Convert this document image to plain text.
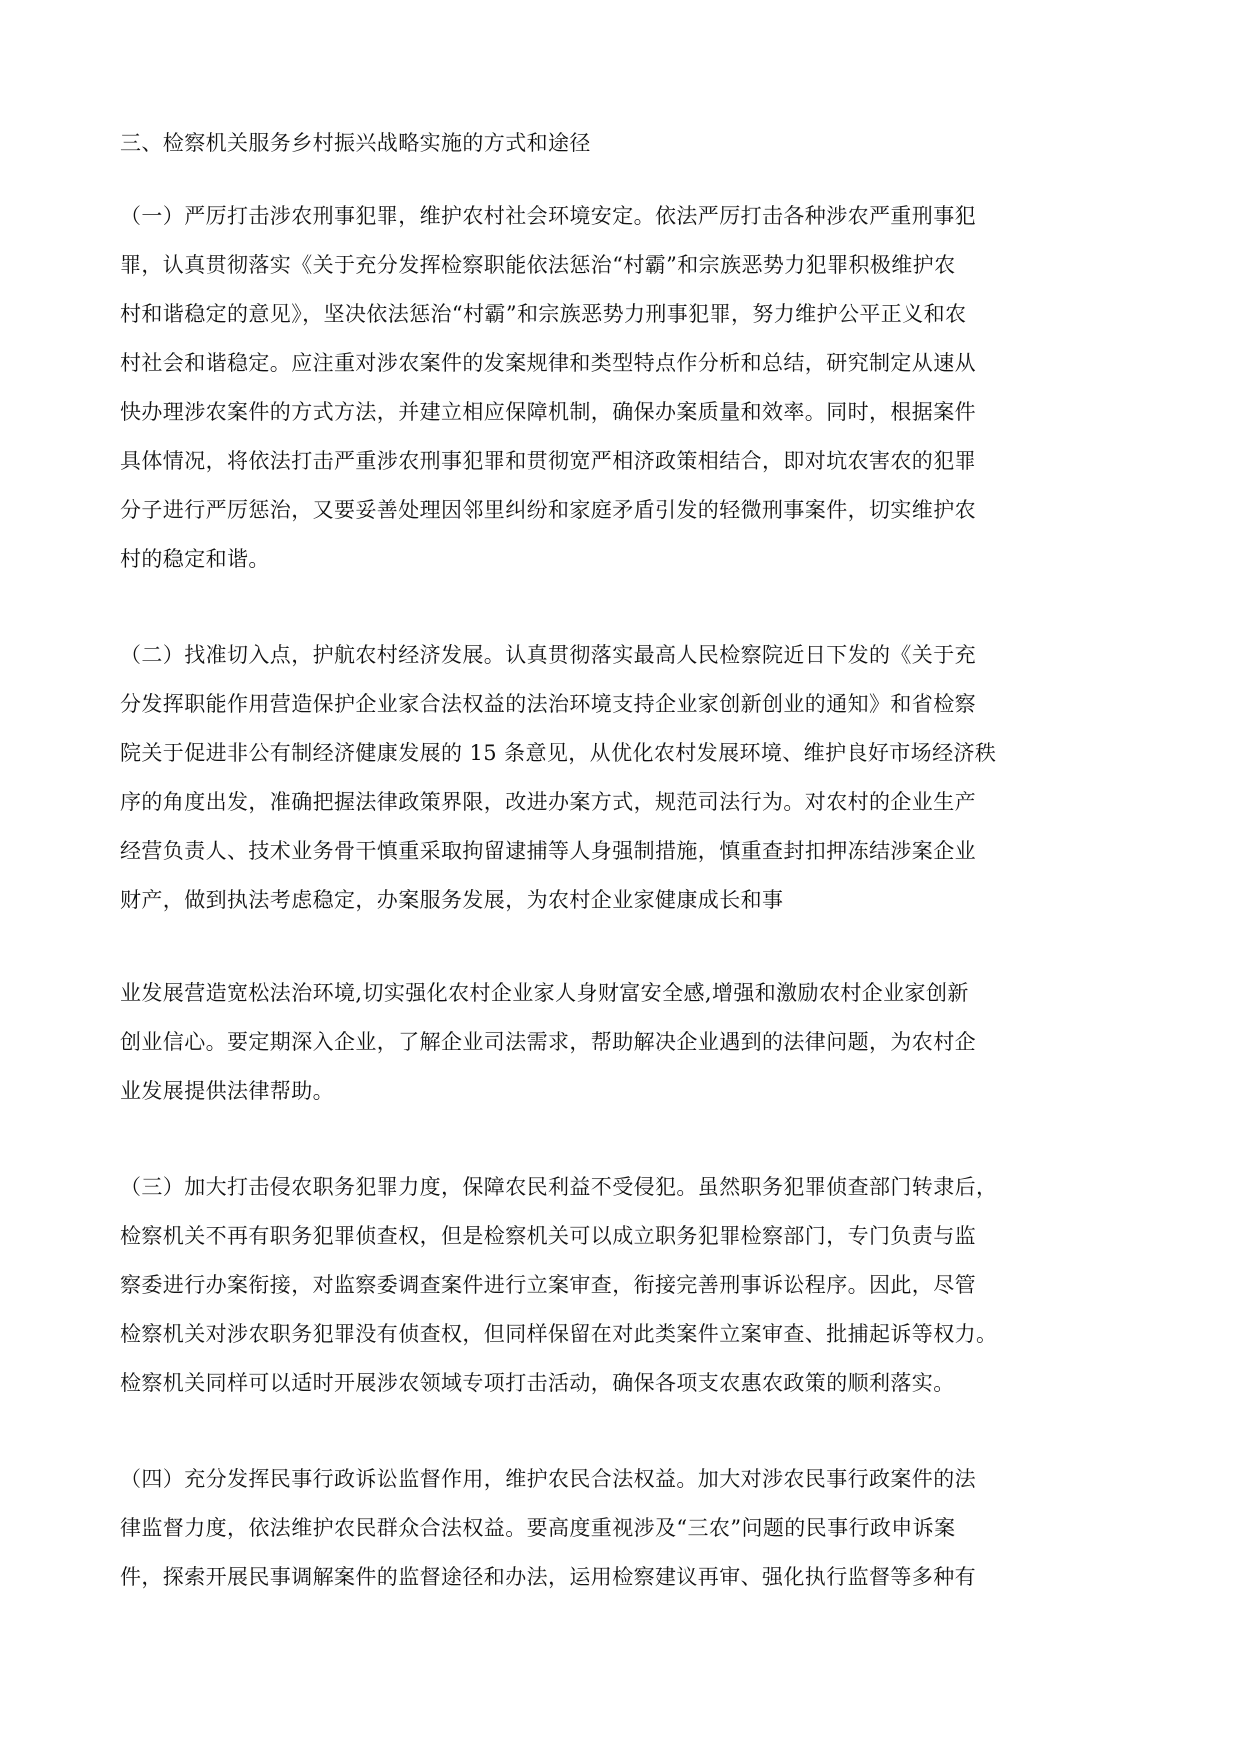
三、检察机关服务乡村振兴战略实施的方式和途径

（一）严厉打击涉农刑事犯罪，维护农村社会环境安定。依法严厉打击各种涉农严重刑事犯

罪，认真贯彻落实《关于充分发挥检察职能依法惩治“村霸”和宗族恶势力犯罪积极维护农

村和谐稳定的意见》，坚决依法惩治“村霸”和宗族恶势力刑事犯罪，努力维护公平正义和农

村社会和谐稳定。应注重对涉农案件的发案规律和类型特点作分析和总结，研究制定从速从

快办理涉农案件的方式方法，并建立相应保障机制，确保办案质量和效率。同时，根据案件

具体情况，将依法打击严重涉农刑事犯罪和贯彻宽严相济政策相结合，即对坑农害农的犯罪

分子进行严厉惩治，又要妥善处理因邻里纠纷和家庭矛盾引发的轻微刑事案件，切实维护农

村的稳定和谐。

（二）找准切入点，护航农村经济发展。认真贯彻落实最高人民检察院近日下发的《关于充

分发挥职能作用营造保护企业家合法权益的法治环境支持企业家创新创业的通知》和省检察

院关于促进非公有制经济健康发展的 15 条意见，从优化农村发展环境、维护良好市场经济秩

序的角度出发，准确把握法律政策界限，改进办案方式，规范司法行为。对农村的企业生产

经营负责人、技术业务骨干慎重采取拘留逮捕等人身强制措施，慎重查封扣押冻结涉案企业

财产，做到执法考虑稳定，办案服务发展，为农村企业家健康成长和事

业发展营造宽松法治环境,切实强化农村企业家人身财富安全感,增强和激励农村企业家创新

创业信心。要定期深入企业，了解企业司法需求，帮助解决企业遇到的法律问题，为农村企

业发展提供法律帮助。

（三）加大打击侵农职务犯罪力度，保障农民利益不受侵犯。虽然职务犯罪侦查部门转隶后，

检察机关不再有职务犯罪侦查权，但是检察机关可以成立职务犯罪检察部门，专门负责与监

察委进行办案衔接，对监察委调查案件进行立案审查，衔接完善刑事诉讼程序。因此，尽管

检察机关对涉农职务犯罪没有侦查权，但同样保留在对此类案件立案审查、批捕起诉等权力。

检察机关同样可以适时开展涉农领域专项打击活动，确保各项支农惠农政策的顺利落实。

（四）充分发挥民事行政诉讼监督作用，维护农民合法权益。加大对涉农民事行政案件的法

律监督力度，依法维护农民群众合法权益。要高度重视涉及“三农”问题的民事行政申诉案

件，探索开展民事调解案件的监督途径和办法，运用检察建议再审、强化执行监督等多种有
